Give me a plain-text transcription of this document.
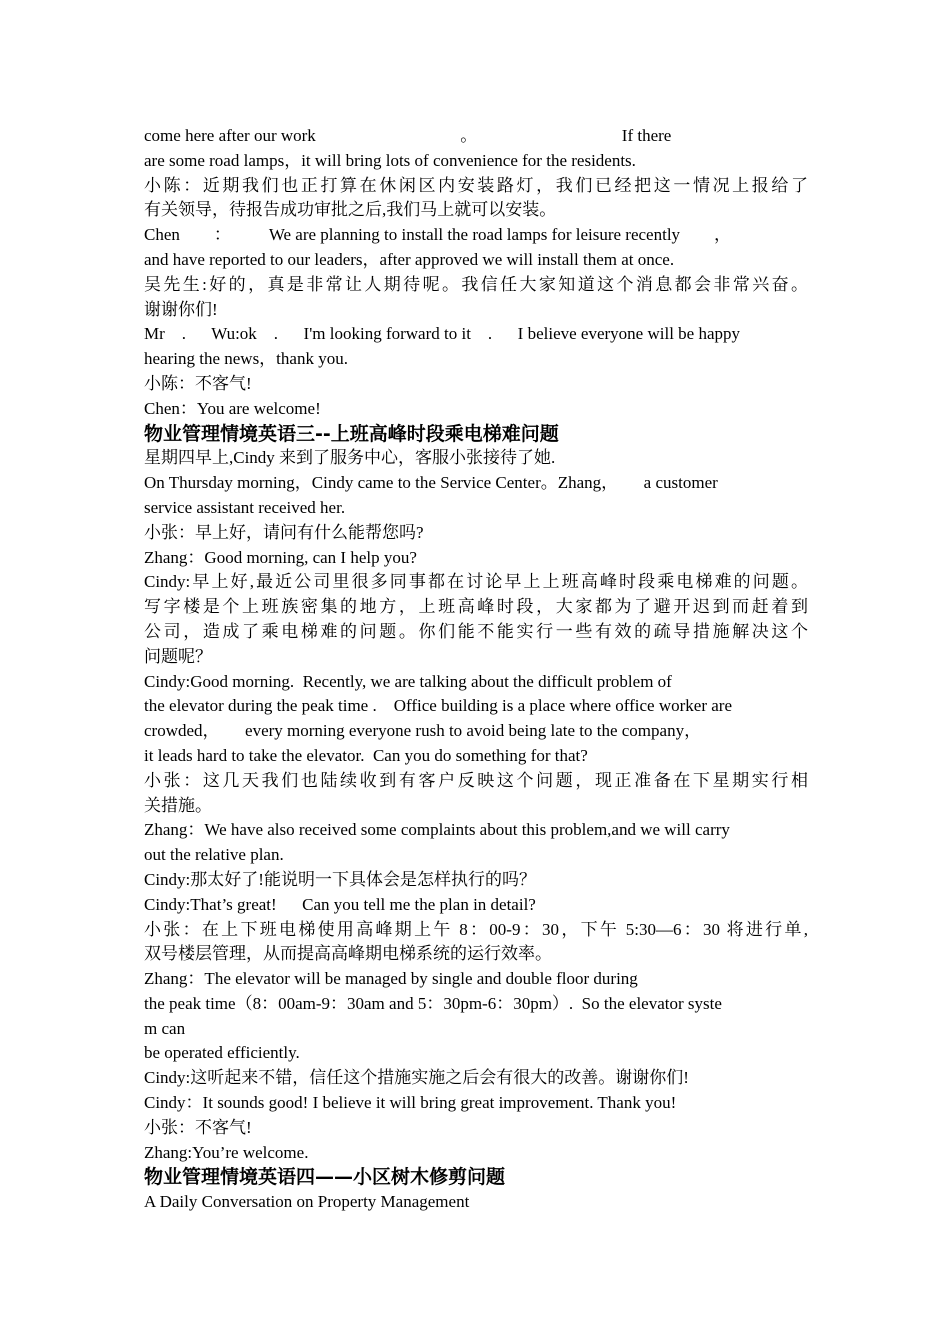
come here after our work                                  。                                  If there
are some road lamps，it will bring lots of convenience for the residents.
小陈：近期我们也正打算在休闲区内安装路灯，我们已经把这一情况上报给了
有关领导，待报告成功审批之后,我们马上就可以安装。
Chen        ：         We are planning to install the road lamps for leisure recently        ，
and have reported to our leaders，after approved we will install them at once.
吴先生:好的，真是非常让人期待呢。我信任大家知道这个消息都会非常兴奋。
谢谢你们!
Mr    .      Wu:ok    .      I'm looking forward to it    .      I believe everyone will be happy
hearing the news，thank you.
小陈：不客气!
Chen：You are welcome!
物业管理情境英语三--上班高峰时段乘电梯难问题
星期四早上,Cindy 来到了服务中心，客服小张接待了她.
On Thursday morning，Cindy came to the Service Center。Zhang，      a customer
service assistant received her.
小张：早上好，请问有什么能帮您吗?
Zhang：Good morning, can I help you?
Cindy:早上好,最近公司里很多同事都在讨论早上上班高峰时段乘电梯难的问题。
写字楼是个上班族密集的地方，上班高峰时段，大家都为了避开迟到而赶着到
公司，造成了乘电梯难的问题。你们能不能实行一些有效的疏导措施解决这个
问题呢？
Cindy:Good morning.  Recently, we are talking about the difficult problem of
the elevator during the peak time .    Office building is a place where office worker are
crowded，      every morning everyone rush to avoid being late to the company，
it leads hard to take the elevator.  Can you do something for that?
小张：这几天我们也陆续收到有客户反映这个问题，现正准备在下星期实行相
关措施。
Zhang：We have also received some complaints about this problem,and we will carry
out the relative plan.
Cindy:那太好了!能说明一下具体会是怎样执行的吗？
Cindy:That’s great!      Can you tell me the plan in detail?
小张：在上下班电梯使用高峰期上午 8：00-9：30，下午 5:30—6：30 将进行单,
双号楼层管理，从而提高高峰期电梯系统的运行效率。
Zhang：The elevator will be managed by single and double floor during
the peak time（8：00am-9：30am and 5：30pm-6：30pm）.  So the elevator syste
m can
be operated efficiently.
Cindy:这听起来不错，信任这个措施实施之后会有很大的改善。谢谢你们!
Cindy：It sounds good! I believe it will bring great improvement. Thank you!
小张：不客气!
Zhang:You’re welcome.
物业管理情境英语四——小区树木修剪问题
A Daily Conversation on Property Management
